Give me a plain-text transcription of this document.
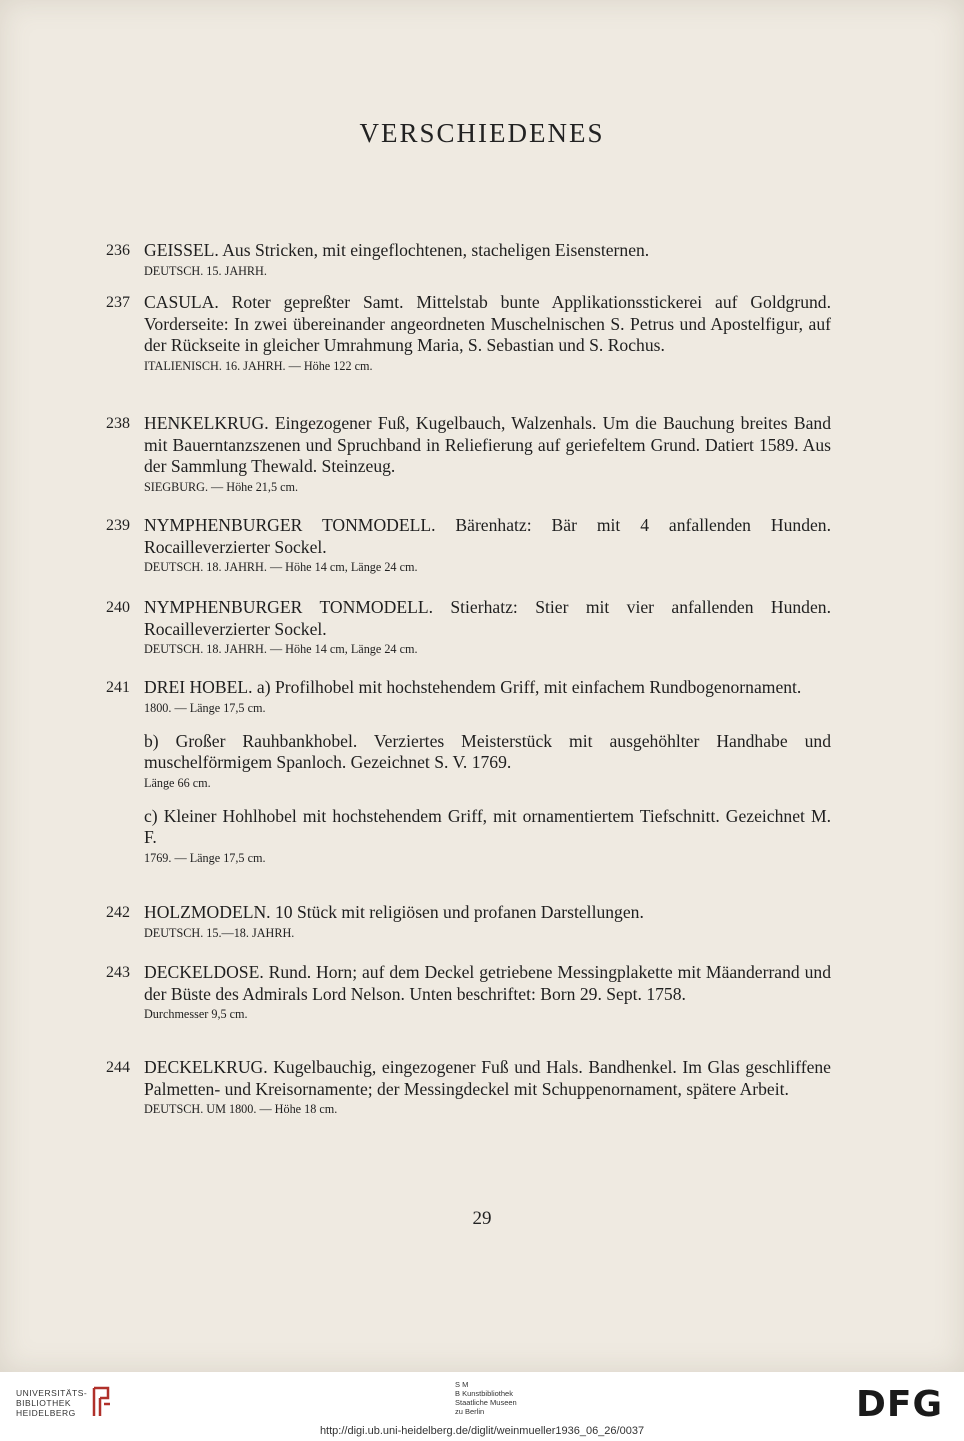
VERSCHIEDENES
236 GEISSEL. Aus Stricken, mit eingeflochtenen, stacheligen Eisensternen.
DEUTSCH. 15. JAHRH.
237 CASULA. Roter gepreßter Samt. Mittelstab bunte Applikationsstickerei auf Goldgrund. Vorderseite: In zwei übereinander angeordneten Muschelnischen S. Petrus und Apostelfigur, auf der Rückseite in gleicher Umrahmung Maria, S. Sebastian und S. Rochus.
ITALIENISCH. 16. JAHRH. — Höhe 122 cm.
238 HENKELKRUG. Eingezogener Fuß, Kugelbauch, Walzenhals. Um die Bauchung breites Band mit Bauerntanzszenen und Spruchband in Reliefierung auf geriefeltem Grund. Datiert 1589. Aus der Sammlung Thewald. Steinzeug.
SIEGBURG. — Höhe 21,5 cm.
239 NYMPHENBURGER TONMODELL. Bärenhatz: Bär mit 4 anfallenden Hunden. Rocailleverzierter Sockel.
DEUTSCH. 18. JAHRH. — Höhe 14 cm, Länge 24 cm.
240 NYMPHENBURGER TONMODELL. Stierhatz: Stier mit vier anfallenden Hunden. Rocailleverzierter Sockel.
DEUTSCH. 18. JAHRH. — Höhe 14 cm, Länge 24 cm.
241 DREI HOBEL. a) Profilhobel mit hochstehendem Griff, mit einfachem Rundbogenornament.
1800. — Länge 17,5 cm.
b) Großer Rauhbankhobel. Verziertes Meisterstück mit ausgehöhlter Handhabe und muschelförmigem Spanloch. Gezeichnet S. V. 1769.
Länge 66 cm.
c) Kleiner Hohlhobel mit hochstehendem Griff, mit ornamentiertem Tiefschnitt. Gezeichnet M. F.
1769. — Länge 17,5 cm.
242 HOLZMODELN. 10 Stück mit religiösen und profanen Darstellungen.
DEUTSCH. 15.—18. JAHRH.
243 DECKELDOSE. Rund. Horn; auf dem Deckel getriebene Messingplakette mit Mäanderrand und der Büste des Admirals Lord Nelson. Unten beschriftet: Born 29. Sept. 1758.
Durchmesser 9,5 cm.
244 DECKELKRUG. Kugelbauchig, eingezogener Fuß und Hals. Bandhenkel. Im Glas geschliffene Palmetten- und Kreisornamente; der Messingdeckel mit Schuppenornament, spätere Arbeit.
DEUTSCH. UM 1800. — Höhe 18 cm.
29
UNIVERSITÄTS-
BIBLIOTHEK
HEIDELBERG
S M
B Kunstbibliothek
Staatliche Museen
zu Berlin	DFG
http://digi.ub.uni-heidelberg.de/diglit/weinmueller1936_06_26/0037
